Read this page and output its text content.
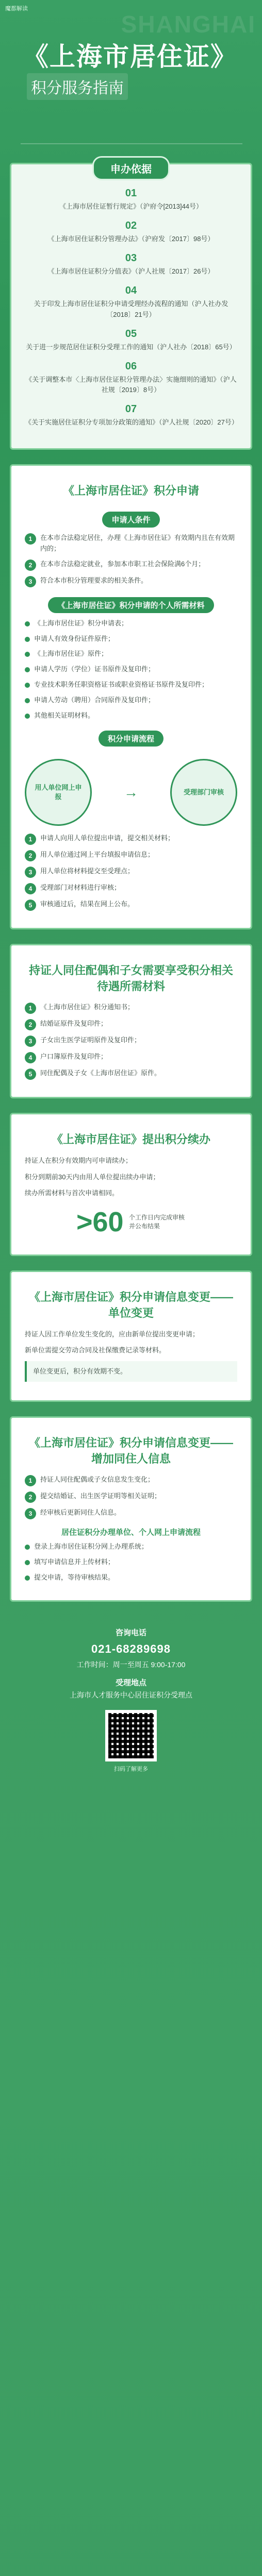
魔都解读
SHANGHAI
《上海市居住证》
积分服务指南
申办依据
01
《上海市居住证暂行规定》（沪府令[2013]44号）
02
《上海市居住证积分管理办法》（沪府发〔2017〕98号）
03
《上海市居住证积分分值表》（沪人社规〔2017〕26号）
04
关于印发上海市居住证积分申请受理经办流程的通知（沪人社办发〔2018〕21号）
05
关于进一步规范居住证积分受理工作的通知（沪人社办〔2018〕65号）
06
《关于调整本市〈上海市居住证积分管理办法〉实施细则的通知》（沪人社规〔2019〕8号）
07
《关于实施居住证积分专项加分政策的通知》（沪人社规〔2020〕27号）
《上海市居住证》积分申请
申请人条件
1	在本市合法稳定居住，办理《上海市居住证》有效期内且在有效期内的；
2	在本市合法稳定就业，参加本市职工社会保险满6个月；
3	符合本市积分管理要求的相关条件。
《上海市居住证》积分申请的个人所需材料
《上海市居住证》积分申请表；
申请人有效身份证件原件；
《上海市居住证》原件；
申请人学历（学位）证书原件及复印件；
专业技术职务任职资格证书或职业资格证书原件及复印件；
申请人劳动（聘用）合同原件及复印件；
其他相关证明材料。
积分申请流程
用人单位网上申报	→	受理部门审核
1	申请人向用人单位提出申请，提交相关材料；
2	用人单位通过网上平台填报申请信息；
3	用人单位将材料提交至受理点；
4	受理部门对材料进行审核；
5	审核通过后，结果在网上公布。
持证人同住配偶和子女需要享受积分相关待遇所需材料
1	《上海市居住证》积分通知书；
2	结婚证原件及复印件；
3	子女出生医学证明原件及复印件；
4	户口簿原件及复印件；
5	同住配偶及子女《上海市居住证》原件。
《上海市居住证》提出积分续办
持证人在积分有效期内可申请续办；
积分到期前30天内由用人单位提出续办申请；
续办所需材料与首次申请相同。
>60 个工作日内完成审核并公布结果
《上海市居住证》积分申请信息变更——单位变更
持证人因工作单位发生变化的，应由新单位提出变更申请；
新单位需提交劳动合同及社保缴费记录等材料。
单位变更后，积分有效期不变。
《上海市居住证》积分申请信息变更——增加同住人信息
1	持证人同住配偶或子女信息发生变化；
2	提交结婚证、出生医学证明等相关证明；
3	经审核后更新同住人信息。
居住证积分办理单位、个人网上申请流程
登录上海市居住证积分网上办理系统；
填写申请信息并上传材料；
提交申请，等待审核结果。
咨询电话
021-68289698
工作时间：周一至周五 9:00-17:00
受理地点
上海市人才服务中心居住证积分受理点
扫码了解更多
